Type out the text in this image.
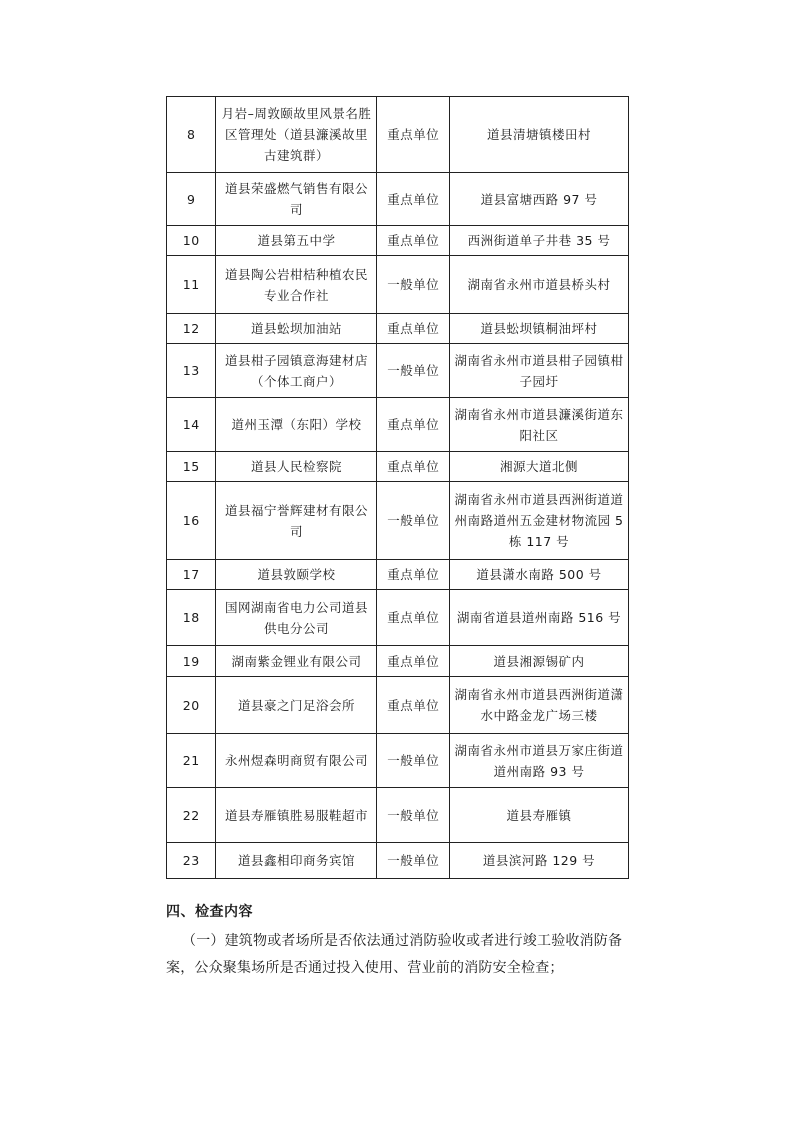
8	月岩–周敦颐故里风景名胜区管理处（道县濂溪故里古建筑群）	重点单位	道县清塘镇楼田村
9	道县荣盛燃气销售有限公司	重点单位	道县富塘西路 97 号
10	道县第五中学	重点单位	西洲街道单子井巷 35 号
11	道县陶公岩柑桔种植农民专业合作社	一般单位	湖南省永州市道县桥头村
12	道县蚣坝加油站	重点单位	道县蚣坝镇桐油坪村
13	道县柑子园镇意海建材店（个体工商户）	一般单位	湖南省永州市道县柑子园镇柑子园圩
14	道州玉潭（东阳）学校	重点单位	湖南省永州市道县濂溪街道东阳社区
15	道县人民检察院	重点单位	湘源大道北侧
16	道县福宁誉辉建材有限公司	一般单位	湖南省永州市道县西洲街道道州南路道州五金建材物流园 5 栋 117 号
17	道县敦颐学校	重点单位	道县潇水南路 500 号
18	国网湖南省电力公司道县供电分公司	重点单位	湖南省道县道州南路 516 号
19	湖南紫金锂业有限公司	重点单位	道县湘源锡矿内
20	道县豪之门足浴会所	重点单位	湖南省永州市道县西洲街道潇水中路金龙广场三楼
21	永州煜森明商贸有限公司	一般单位	湖南省永州市道县万家庄街道道州南路 93 号
22	道县寿雁镇胜易服鞋超市	一般单位	道县寿雁镇
23	道县鑫相印商务宾馆	一般单位	道县滨河路 129 号
四、检查内容
（一）建筑物或者场所是否依法通过消防验收或者进行竣工验收消防备案，公众聚集场所是否通过投入使用、营业前的消防安全检查；
